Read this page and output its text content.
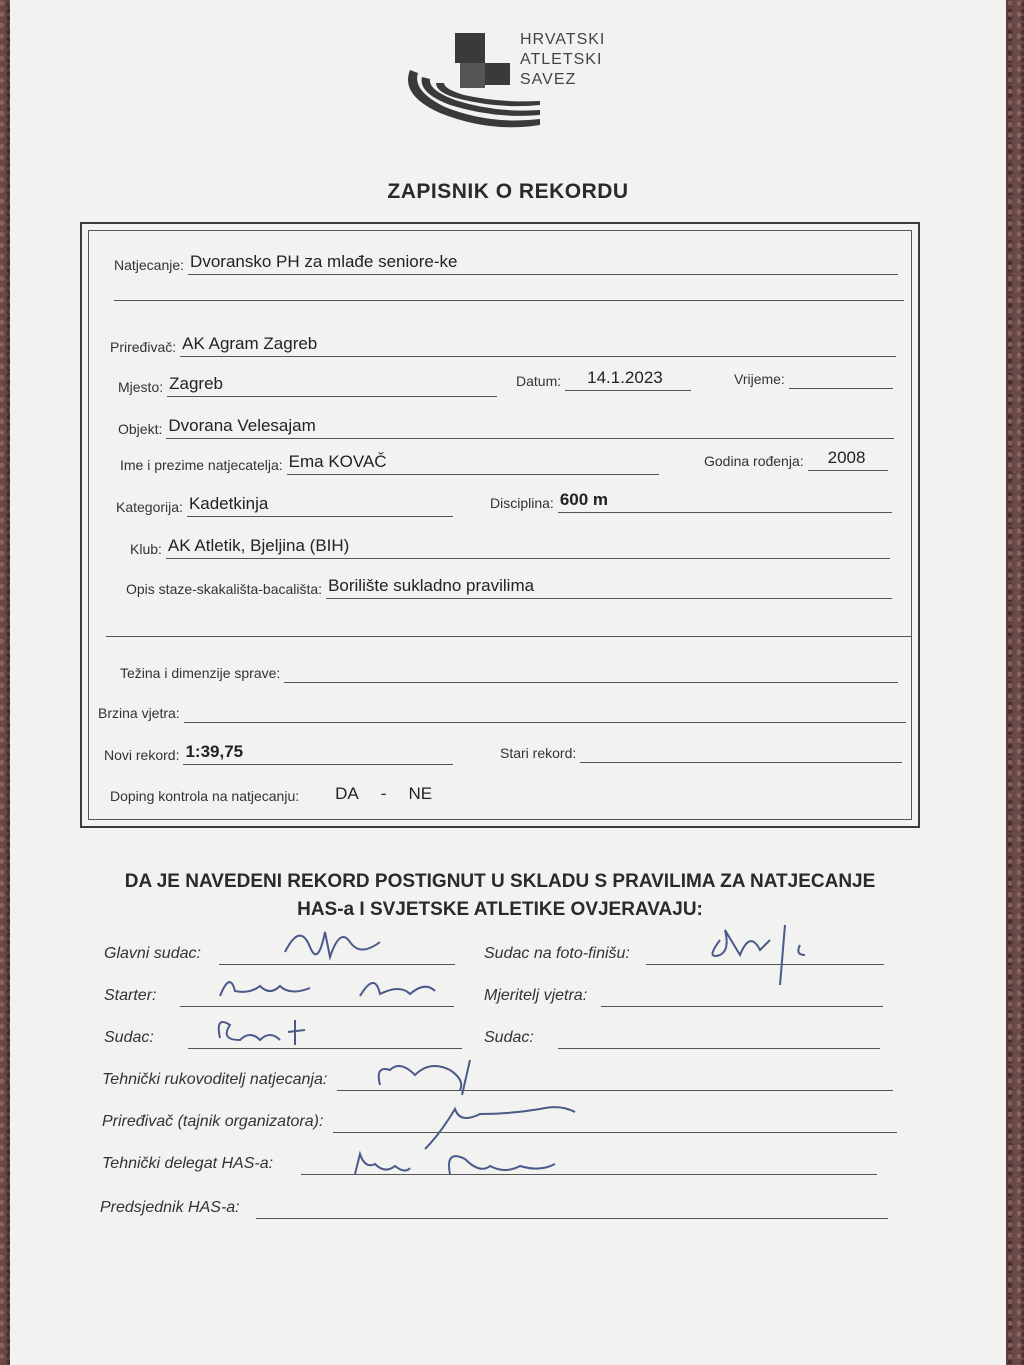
HRVATSKI
ATLETSKI
SAVEZ
ZAPISNIK O REKORDU
Natjecanje: Dvoransko PH za mlađe seniore-ke
Priređivač: AK Agram Zagreb
Mjesto: Zagreb	Datum:	14.1.2023	Vrijeme:
Objekt: Dvorana Velesajam
Ime i prezime natjecatelja: Ema KOVAČ	Godina rođenja:	2008
Kategorija: Kadetkinja	Disciplina: 600 m
Klub: AK Atletik, Bjeljina (BIH)
Opis staze-skakališta-bacališta: Borilište sukladno pravilima
Težina i dimenzije sprave:
Brzina vjetra:
Novi rekord: 1:39,75	Stari rekord:
Doping kontrola na natjecanju: DA - NE
DA JE NAVEDENI REKORD POSTIGNUT U SKLADU S PRAVILIMA ZA NATJECANJE
HAS-a I SVJETSKE ATLETIKE OVJERAVAJU:
Glavni sudac:	Sudac na foto-finišu:
Starter:	Mjeritelj vjetra:
Sudac:	Sudac:
Tehnički rukovoditelj natjecanja:
Priređivač (tajnik organizatora):
Tehnički delegat HAS-a:
Predsjednik HAS-a:
